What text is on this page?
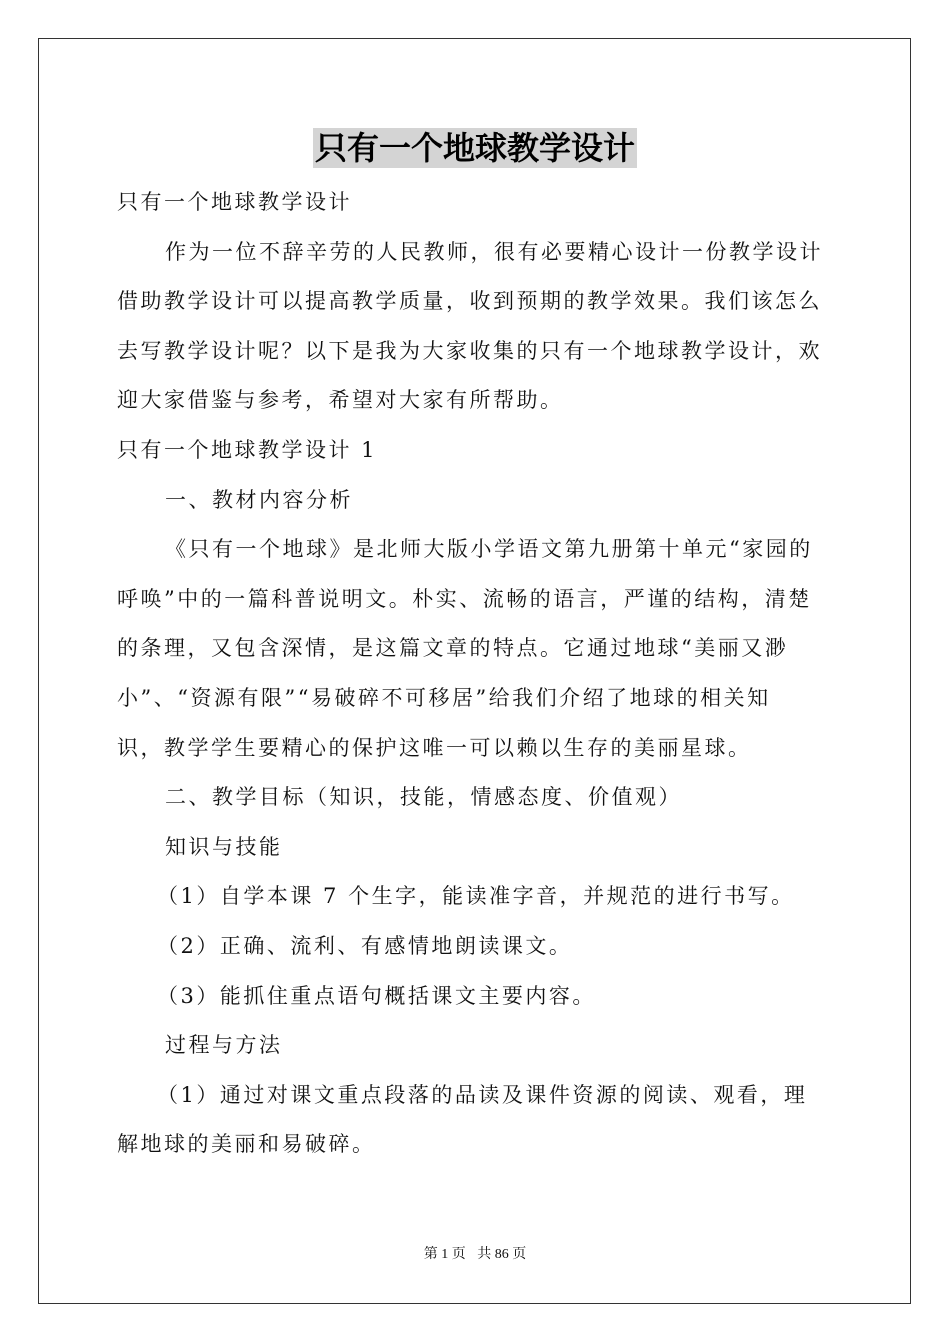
只有一个地球教学设计
只有一个地球教学设计
作为一位不辞辛劳的人民教师，很有必要精心设计一份教学设计
借助教学设计可以提高教学质量，收到预期的教学效果。我们该怎么
去写教学设计呢？以下是我为大家收集的只有一个地球教学设计，欢
迎大家借鉴与参考，希望对大家有所帮助。
只有一个地球教学设计 1
一、教材内容分析
《只有一个地球》是北师大版小学语文第九册第十单元“家园的
呼唤”中的一篇科普说明文。朴实、流畅的语言，严谨的结构，清楚
的条理，又包含深情，是这篇文章的特点。它通过地球“美丽又渺
小”、“资源有限”“易破碎不可移居”给我们介绍了地球的相关知
识，教学学生要精心的保护这唯一可以赖以生存的美丽星球。
二、教学目标（知识，技能，情感态度、价值观）
知识与技能
（1）自学本课 7 个生字，能读准字音，并规范的进行书写。
（2）正确、流利、有感情地朗读课文。
（3）能抓住重点语句概括课文主要内容。
过程与方法
（1）通过对课文重点段落的品读及课件资源的阅读、观看，理
解地球的美丽和易破碎。
第 1 页 共 86 页
